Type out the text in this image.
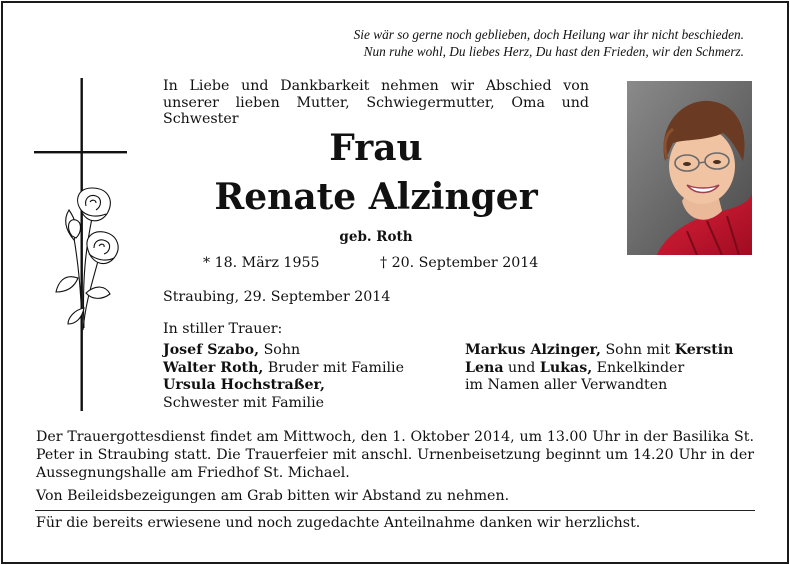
Sie wär so gerne noch geblieben, doch Heilung war ihr nicht beschieden.
Nun ruhe wohl, Du liebes Herz, Du hast den Frieden, wir den Schmerz.
In Liebe und Dankbarkeit nehmen wir Abschied von unserer lieben Mutter, Schwiegermutter, Oma und Schwester
Frau
Renate Alzinger
geb. Roth
* 18. März 1955	† 20. September 2014
Straubing, 29. September 2014
In stiller Trauer:
Josef Szabo, Sohn
Walter Roth, Bruder mit Familie
Ursula Hochstraßer,
Schwester mit Familie
Markus Alzinger, Sohn mit Kerstin
Lena und Lukas, Enkelkinder
im Namen aller Verwandten
Der Trauergottesdienst findet am Mittwoch, den 1. Oktober 2014, um 13.00 Uhr in der Basilika St. Peter in Straubing statt. Die Trauerfeier mit anschl. Urnenbeisetzung beginnt um 14.20 Uhr in der Aussegnungshalle am Friedhof St. Michael.
Von Beileidsbezeigungen am Grab bitten wir Abstand zu nehmen.
Für die bereits erwiesene und noch zugedachte Anteilnahme danken wir herzlichst.
